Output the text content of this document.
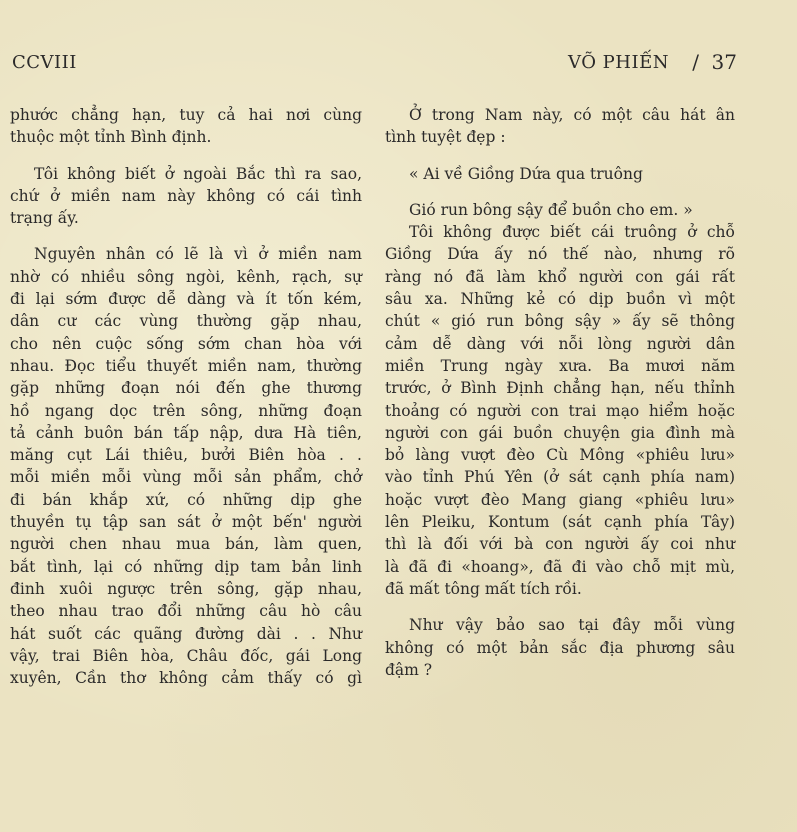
CCVIII	VÕ PHIẾN / 37
phước chẳng hạn, tuy cả hai nơi cùng
thuộc một tỉnh Bình định.
Tôi không biết ở ngoài Bắc thì ra sao,
chứ ở miền nam này không có cái tình
trạng ấy.
Nguyên nhân có lẽ là vì ở miền nam
nhờ có nhiều sông ngòi, kênh, rạch, sự
đi lại sớm được dễ dàng và ít tốn kém,
dân cư các vùng thường gặp nhau,
cho nên cuộc sống sớm chan hòa với
nhau. Đọc tiểu thuyết miền nam, thường
gặp những đoạn nói đến ghe thương
hồ ngang dọc trên sông, những đoạn
tả cảnh buôn bán tấp nập, dưa Hà tiên,
măng cụt Lái thiêu, bưởi Biên hòa . .
mỗi miền mỗi vùng mỗi sản phẩm, chở
đi bán khắp xứ, có những dịp ghe
thuyền tụ tập san sát ở một bến' người
người chen nhau mua bán, làm quen,
bắt tình, lại có những dịp tam bản linh
đinh xuôi ngược trên sông, gặp nhau,
theo nhau trao đổi những câu hò câu
hát suốt các quãng đường dài . . Như
vậy, trai Biên hòa, Châu đốc, gái Long
xuyên, Cần thơ không cảm thấy có gì
Ở trong Nam này, có một câu hát ân
tình tuyệt đẹp :
« Ai về Giồng Dứa qua truông
Gió run bông sậy để buồn cho em. »
Tôi không được biết cái truông ở chỗ
Giồng Dứa ấy nó thế nào, nhưng rõ
ràng nó đã làm khổ người con gái rất
sâu xa. Những kẻ có dịp buồn vì một
chút « gió run bông sậy » ấy sẽ thông
cảm dễ dàng với nỗi lòng người dân
miền Trung ngày xưa. Ba mươi năm
trước, ở Bình Định chẳng hạn, nếu thỉnh
thoảng có người con trai mạo hiểm hoặc
người con gái buồn chuyện gia đình mà
bỏ làng vượt đèo Cù Mông «phiêu lưu»
vào tỉnh Phú Yên (ở sát cạnh phía nam)
hoặc vượt đèo Mang giang «phiêu lưu»
lên Pleiku, Kontum (sát cạnh phía Tây)
thì là đối với bà con người ấy coi như
là đã đi «hoang», đã đi vào chỗ mịt mù,
đã mất tông mất tích rồi.
Như vậy bảo sao tại đây mỗi vùng
không có một bản sắc địa phương sâu
đậm ?
